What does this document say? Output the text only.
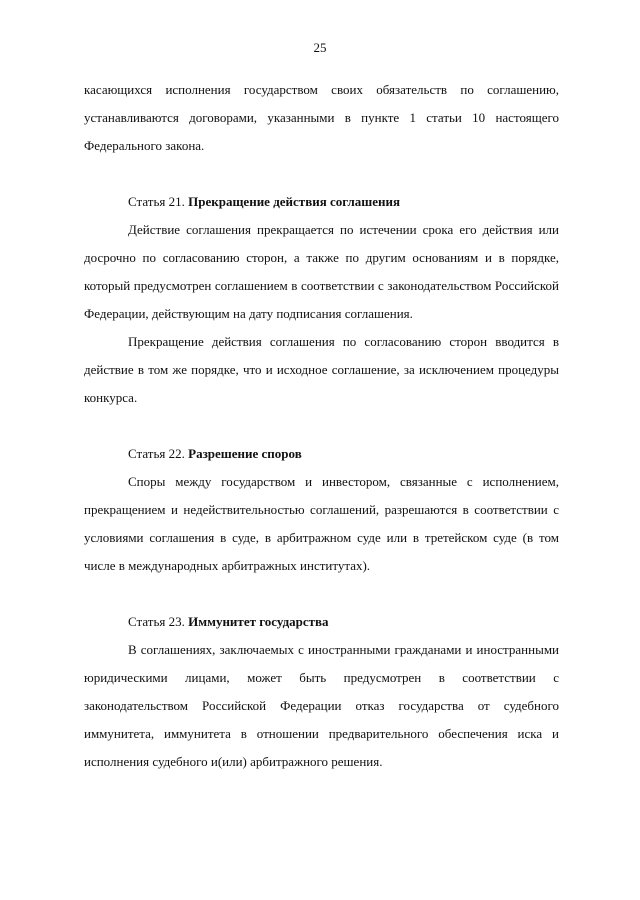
25

касающихся исполнения государством своих обязательств по соглашению, устанавливаются договорами, указанными в пункте 1 статьи 10 настоящего Федерального закона.

Статья 21. Прекращение действия соглашения

Действие соглашения прекращается по истечении срока его действия или досрочно по согласованию сторон, а также по другим основаниям и в порядке, который предусмотрен соглашением в соответствии с законодательством Российской Федерации, действующим на дату подписания соглашения.

Прекращение действия соглашения по согласованию сторон вводится в действие в том же порядке, что и исходное соглашение, за исключением процедуры конкурса.

Статья 22. Разрешение споров

Споры между государством и инвестором, связанные с исполнением, прекращением и недействительностью соглашений, разрешаются в соответствии с условиями соглашения в суде, в арбитражном суде или в третейском суде (в том числе в международных арбитражных институтах).

Статья 23. Иммунитет государства

В соглашениях, заключаемых с иностранными гражданами и иностранными юридическими лицами, может быть предусмотрен в соответствии с законодательством Российской Федерации отказ государства от судебного иммунитета, иммунитета в отношении предварительного обеспечения иска и исполнения судебного и(или) арбитражного решения.
